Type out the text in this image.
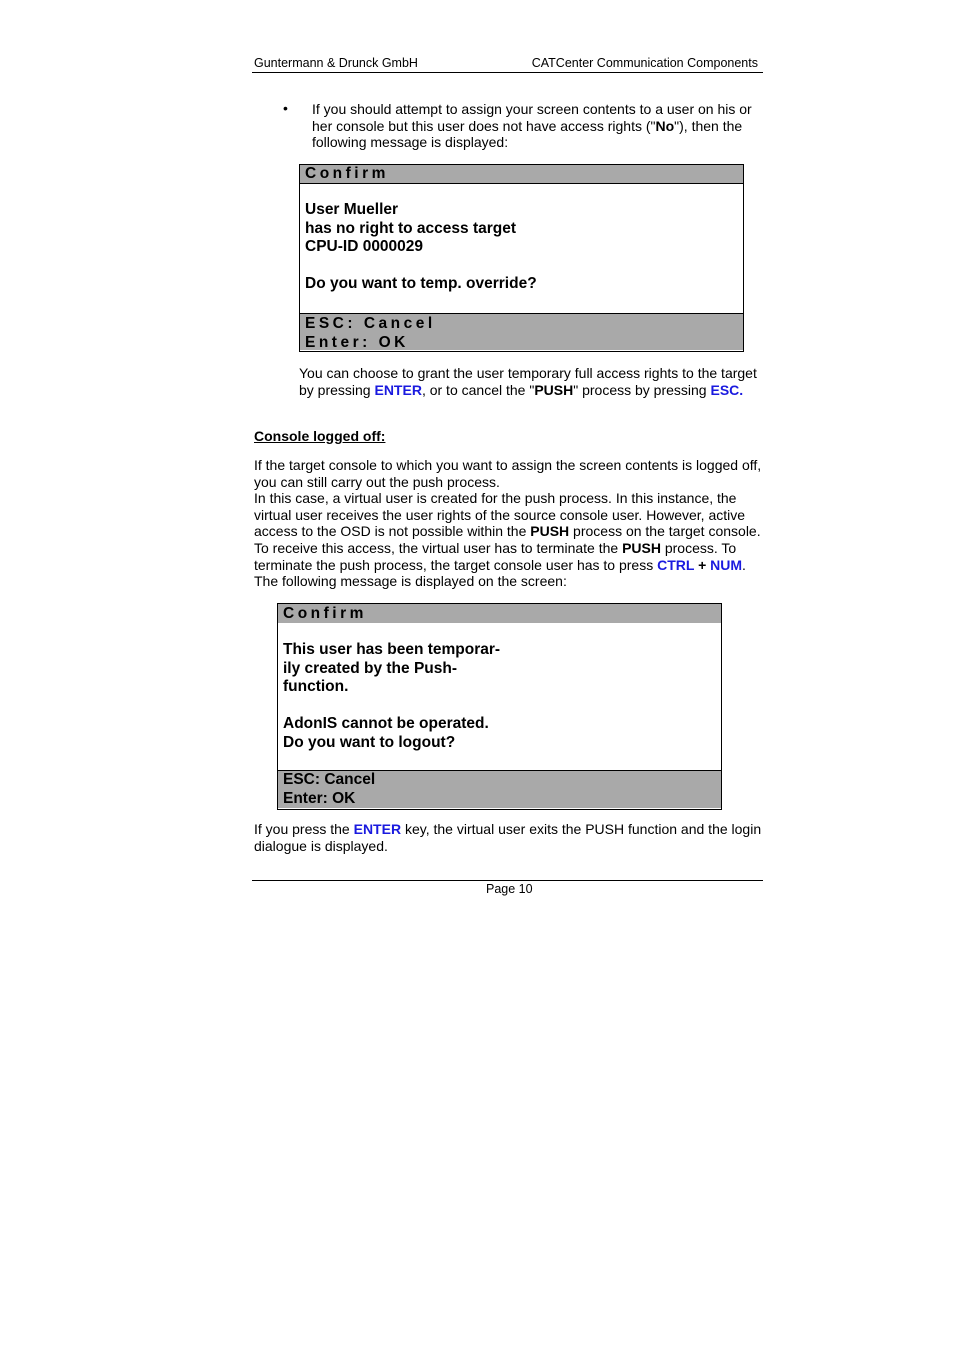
Guntermann & Drunck GmbH	CATCenter Communication Components
• If you should attempt to assign your screen contents to a user on his or her console but this user does not have access rights ("No"), then the following message is displayed:
Confirm
User Mueller
has no right to access target
CPU-ID 0000029
Do you want to temp. override?
ESC: Cancel
Enter: OK
You can choose to grant the user temporary full access rights to the target by pressing ENTER, or to cancel the "PUSH" process by pressing ESC.
Console logged off:
If the target console to which you want to assign the screen contents is logged off, you can still carry out the push process.
In this case, a virtual user is created for the push process. In this instance, the virtual user receives the user rights of the source console user. However, active access to the OSD is not possible within the PUSH process on the target console. To receive this access, the virtual user has to terminate the PUSH process. To terminate the push process, the target console user has to press CTRL + NUM. The following message is displayed on the screen:
Confirm
This user has been temporar-
ily created by the Push-
function.
AdonIS cannot be operated.
Do you want to logout?
ESC: Cancel
Enter: OK
If you press the ENTER key, the virtual user exits the PUSH function and the login dialogue is displayed.
Page 10
